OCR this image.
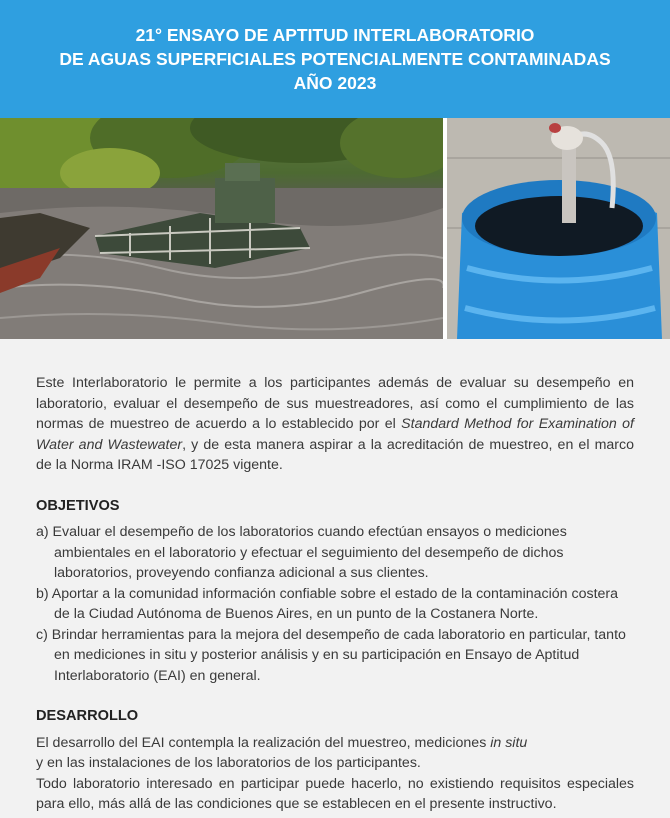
21° ENSAYO DE APTITUD INTERLABORATORIO
DE AGUAS SUPERFICIALES POTENCIALMENTE CONTAMINADAS
AÑO 2023

Este Interlaboratorio le permite a los participantes además de evaluar su desempeño en laboratorio, evaluar el desempeño de sus muestreadores, así como el cumplimiento de las normas de muestreo de acuerdo a lo establecido por el Standard Method for Examination of Water and Wastewater, y de esta manera aspirar a la acreditación de muestreo, en el marco de la Norma IRAM -ISO 17025 vigente.

OBJETIVOS
a) Evaluar el desempeño de los laboratorios cuando efectúan ensayos o mediciones ambientales en el laboratorio y efectuar el seguimiento del desempeño de dichos laboratorios, proveyendo confianza adicional a sus clientes.
b) Aportar a la comunidad información confiable sobre el estado de la contaminación costera de la Ciudad Autónoma de Buenos Aires, en un punto de la Costanera Norte.
c) Brindar herramientas para la mejora del desempeño de cada laboratorio en particular, tanto en mediciones in situ y posterior análisis y en su participación en Ensayo de Aptitud Interlaboratorio (EAI) en general.
DESARROLLO

El desarrollo del EAI contempla la realización del muestreo, mediciones in situ

y en las instalaciones de los laboratorios de los participantes.

Todo laboratorio interesado en participar puede hacerlo, no existiendo requisitos especiales para ello, más allá de las condiciones que se establecen en el presente instructivo.
